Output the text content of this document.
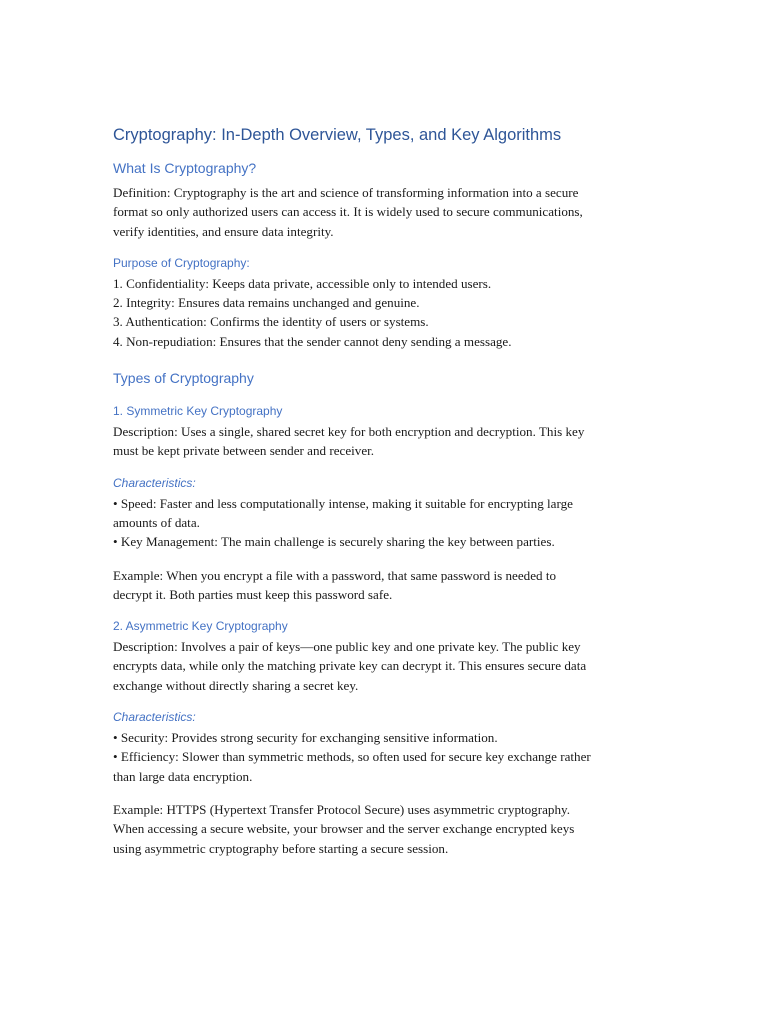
Cryptography: In-Depth Overview, Types, and Key Algorithms
What Is Cryptography?

Definition: Cryptography is the art and science of transforming information into a secure
format so only authorized users can access it. It is widely used to secure communications,
verify identities, and ensure data integrity.

Purpose of Cryptography:

1. Confidentiality: Keeps data private, accessible only to intended users.
2. Integrity: Ensures data remains unchanged and genuine.
3. Authentication: Confirms the identity of users or systems.
4. Non-repudiation: Ensures that the sender cannot deny sending a message.

Types of Cryptography
1. Symmetric Key Cryptography

Description: Uses a single, shared secret key for both encryption and decryption. This key
must be kept private between sender and receiver.

Characteristics:

• Speed: Faster and less computationally intense, making it suitable for encrypting large
amounts of data.
• Key Management: The main challenge is securely sharing the key between parties.

Example: When you encrypt a file with a password, that same password is needed to
decrypt it. Both parties must keep this password safe.

2. Asymmetric Key Cryptography

Description: Involves a pair of keys—one public key and one private key. The public key
encrypts data, while only the matching private key can decrypt it. This ensures secure data
exchange without directly sharing a secret key.

Characteristics:

• Security: Provides strong security for exchanging sensitive information.
• Efficiency: Slower than symmetric methods, so often used for secure key exchange rather
than large data encryption.

Example: HTTPS (Hypertext Transfer Protocol Secure) uses asymmetric cryptography.
When accessing a secure website, your browser and the server exchange encrypted keys
using asymmetric cryptography before starting a secure session.
